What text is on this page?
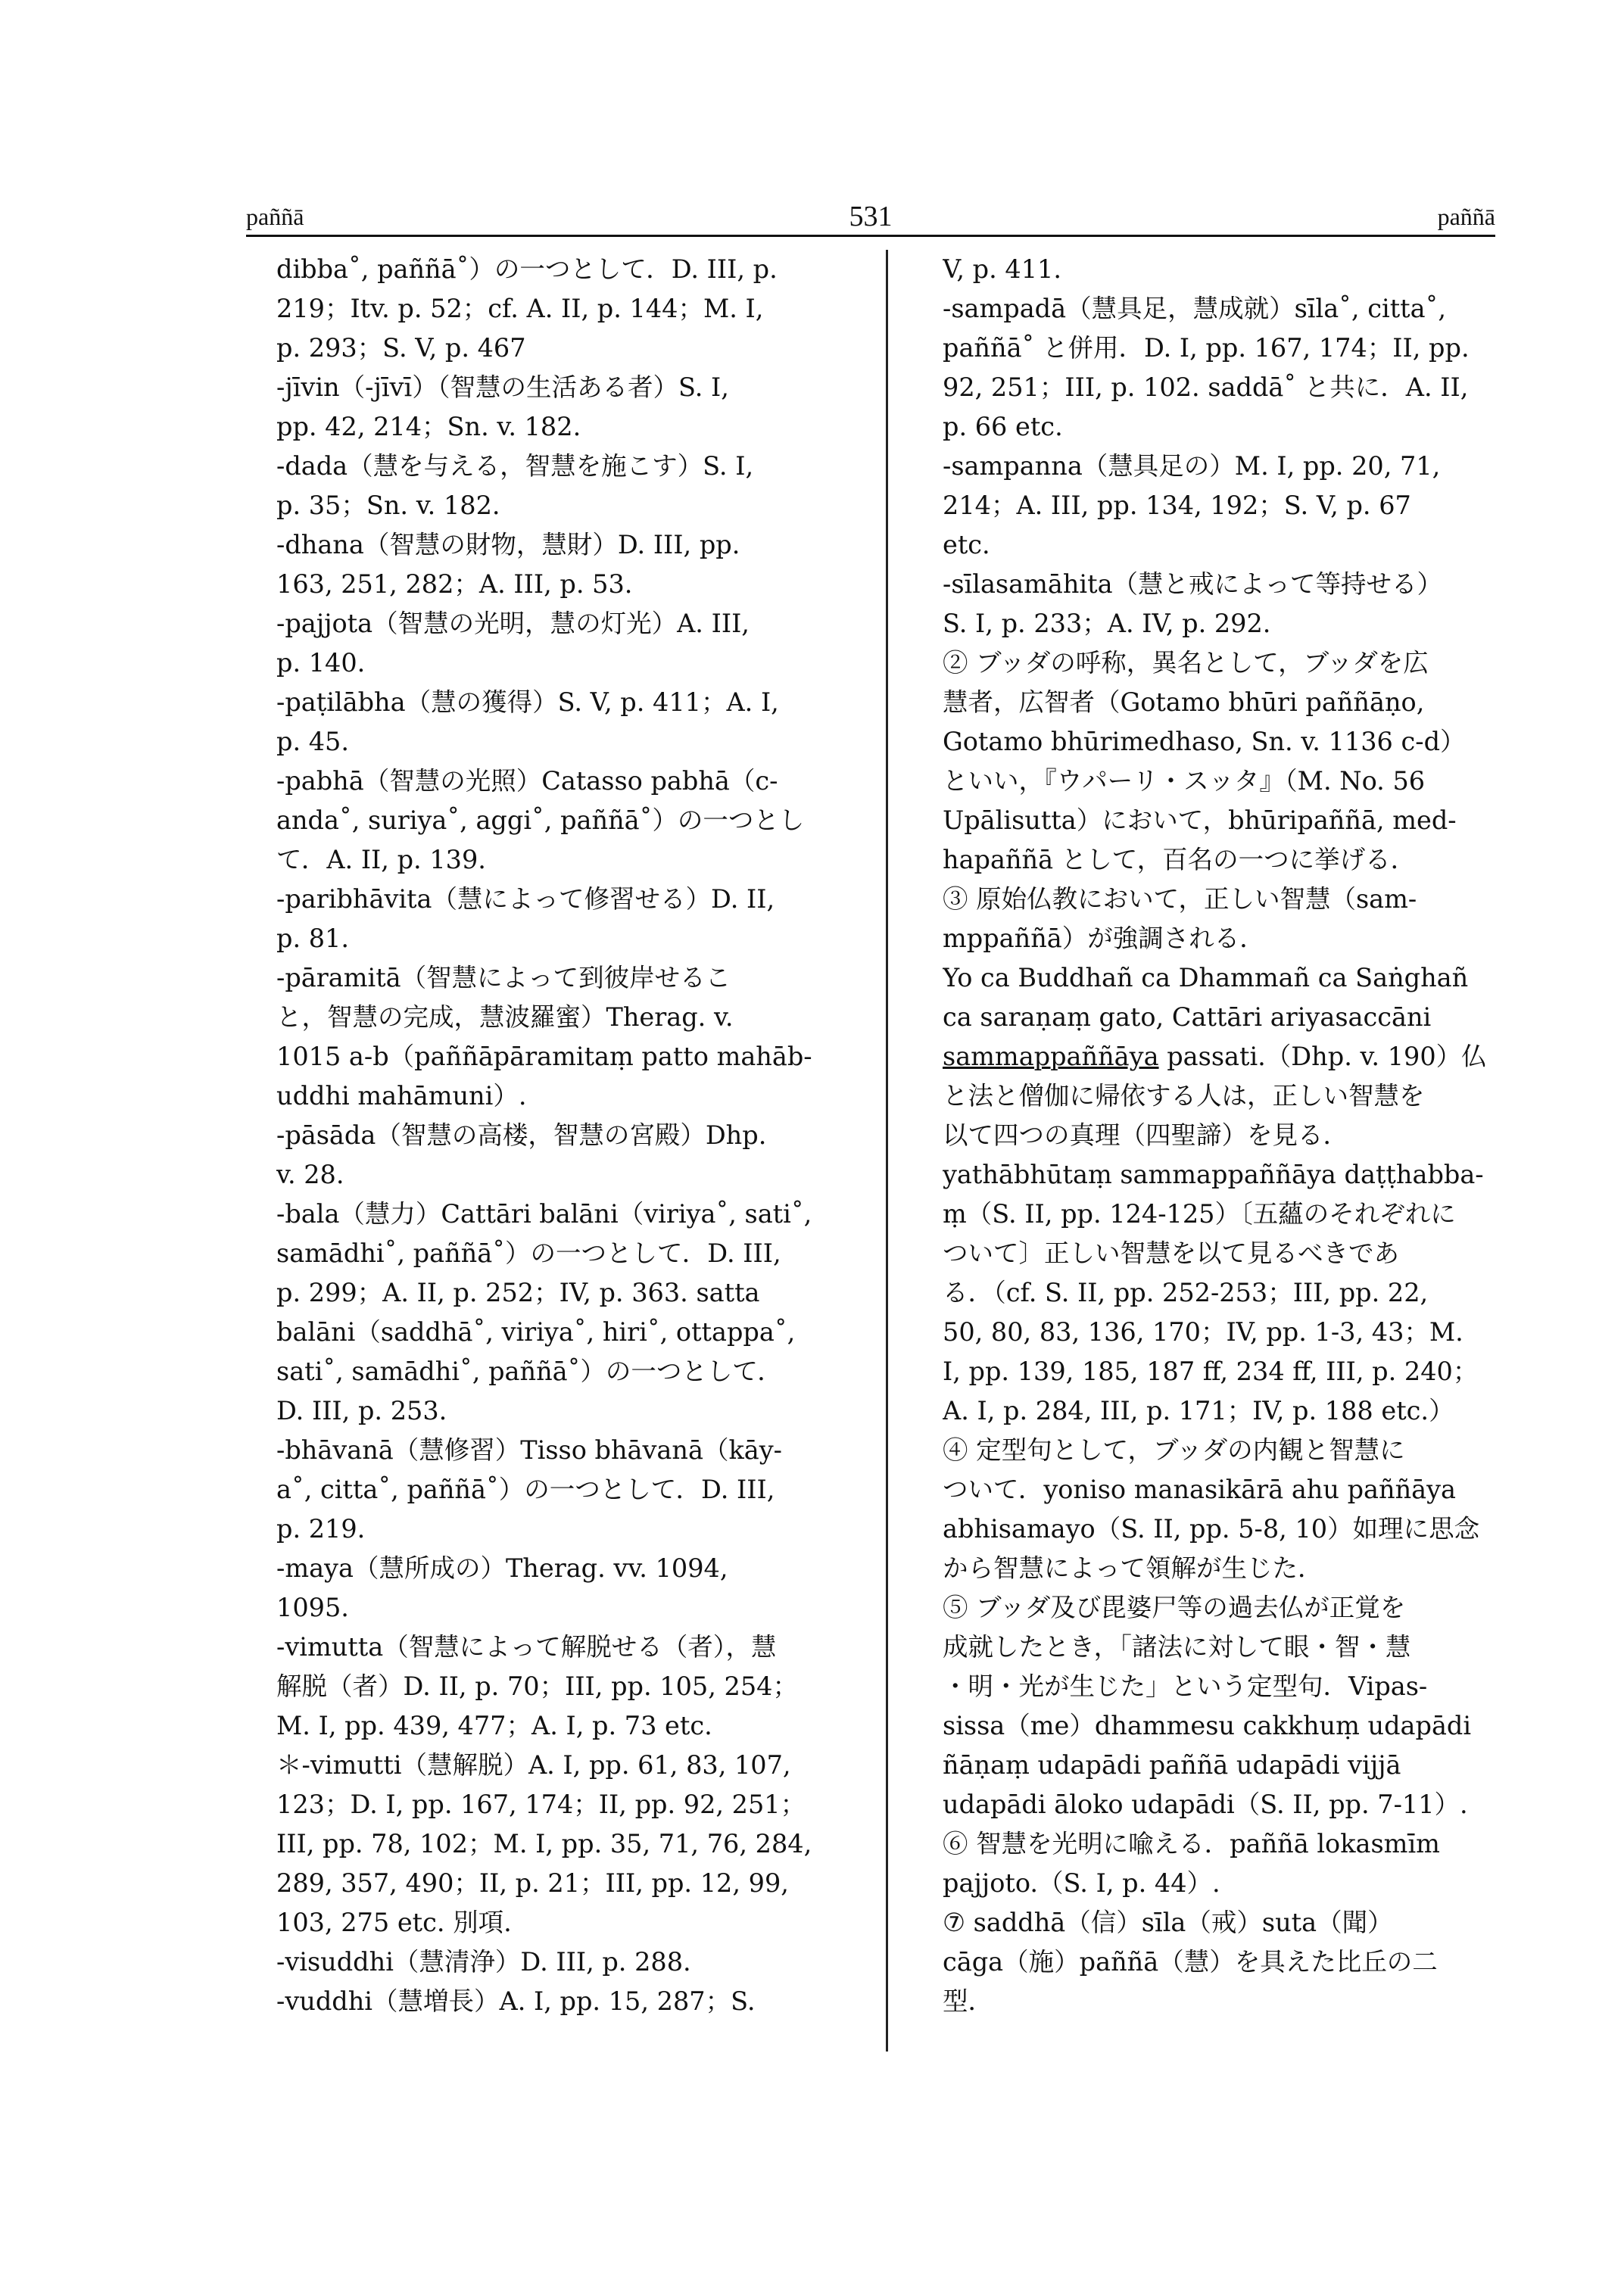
paññā	531	paññā
dibba˚, paññā˚）の一つとして．D. III, p.
219；Itv. p. 52；cf. A. II, p. 144；M. I,
p. 293；S. V, p. 467
-jīvin（-jīvī）（智慧の生活ある者）S. I,
pp. 42, 214；Sn. v. 182.
-dada（慧を与える，智慧を施こす）S. I,
p. 35；Sn. v. 182.
-dhana（智慧の財物，慧財）D. III, pp.
163, 251, 282；A. III, p. 53.
-pajjota（智慧の光明，慧の灯光）A. III,
p. 140.
-paṭilābha（慧の獲得）S. V, p. 411；A. I,
p. 45.
-pabhā（智慧の光照）Catasso pabhā（c-
anda˚, suriya˚, aggi˚, paññā˚）の一つとし
て．A. II, p. 139.
-paribhāvita（慧によって修習せる）D. II,
p. 81.
-pāramitā（智慧によって到彼岸せるこ
と，智慧の完成，慧波羅蜜）Therag. v.
1015 a-b（paññāpāramitaṃ patto mahāb-
uddhi mahāmuni）.
-pāsāda（智慧の高楼，智慧の宮殿）Dhp.
v. 28.
-bala（慧力）Cattāri balāni（viriya˚, sati˚,
samādhi˚, paññā˚）の一つとして．D. III,
p. 299；A. II, p. 252；IV, p. 363. satta
balāni（saddhā˚, viriya˚, hiri˚, ottappa˚,
sati˚, samādhi˚, paññā˚）の一つとして．
D. III, p. 253.
-bhāvanā（慧修習）Tisso bhāvanā（kāy-
a˚, citta˚, paññā˚）の一つとして．D. III,
p. 219.
-maya（慧所成の）Therag. vv. 1094,
1095.
-vimutta（智慧によって解脱せる（者），慧
解脱（者）D. II, p. 70；III, pp. 105, 254；
M. I, pp. 439, 477；A. I, p. 73 etc.
＊-vimutti（慧解脱）A. I, pp. 61, 83, 107,
123；D. I, pp. 167, 174；II, pp. 92, 251；
III, pp. 78, 102；M. I, pp. 35, 71, 76, 284,
289, 357, 490；II, p. 21；III, pp. 12, 99,
103, 275 etc. 別項.
-visuddhi（慧清浄）D. III, p. 288.
-vuddhi（慧増長）A. I, pp. 15, 287；S.
V, p. 411.
-sampadā（慧具足，慧成就）sīla˚, citta˚,
paññā˚ と併用．D. I, pp. 167, 174；II, pp.
92, 251；III, p. 102. saddā˚ と共に．A. II,
p. 66 etc.
-sampanna（慧具足の）M. I, pp. 20, 71,
214；A. III, pp. 134, 192；S. V, p. 67
etc.
-sīlasamāhita（慧と戒によって等持せる）
S. I, p. 233；A. IV, p. 292.
② ブッダの呼称，異名として，ブッダを広
慧者，広智者（Gotamo bhūri paññāṇo,
Gotamo bhūrimedhaso, Sn. v. 1136 c-d）
といい，『ウパーリ・スッタ』（M. No. 56
Upālisutta）において，bhūripaññā, med-
hapaññā として，百名の一つに挙げる．
③ 原始仏教において，正しい智慧（sam-
mppaññā）が強調される．
Yo ca Buddhañ ca Dhammañ ca Saṅghañ
ca saraṇaṃ gato, Cattāri ariyasaccāni
sammappaññāya passati.（Dhp. v. 190）仏
と法と僧伽に帰依する人は，正しい智慧を
以て四つの真理（四聖諦）を見る．
yathābhūtaṃ sammappaññāya daṭṭhabba-
ṃ（S. II, pp. 124-125）〔五蘊のそれぞれに
ついて〕正しい智慧を以て見るべきであ
る．（cf. S. II, pp. 252-253；III, pp. 22,
50, 80, 83, 136, 170；IV, pp. 1-3, 43；M.
I, pp. 139, 185, 187 ff, 234 ff, III, p. 240；
A. I, p. 284, III, p. 171；IV, p. 188 etc.）
④ 定型句として，ブッダの内観と智慧に
ついて．yoniso manasikārā ahu paññāya
abhisamayo（S. II, pp. 5-8, 10）如理に思念
から智慧によって領解が生じた．
⑤ ブッダ及び毘婆尸等の過去仏が正覚を
成就したとき，「諸法に対して眼・智・慧
・明・光が生じた」という定型句．Vipas-
sissa（me）dhammesu cakkhuṃ udapādi
ñāṇaṃ udapādi paññā udapādi vijjā
udapādi āloko udapādi（S. II, pp. 7-11）.
⑥ 智慧を光明に喩える．paññā lokasmīm
pajjoto.（S. I, p. 44）.
⑦ saddhā（信）sīla（戒）suta（聞）
cāga（施）paññā（慧）を具えた比丘の二
型．
